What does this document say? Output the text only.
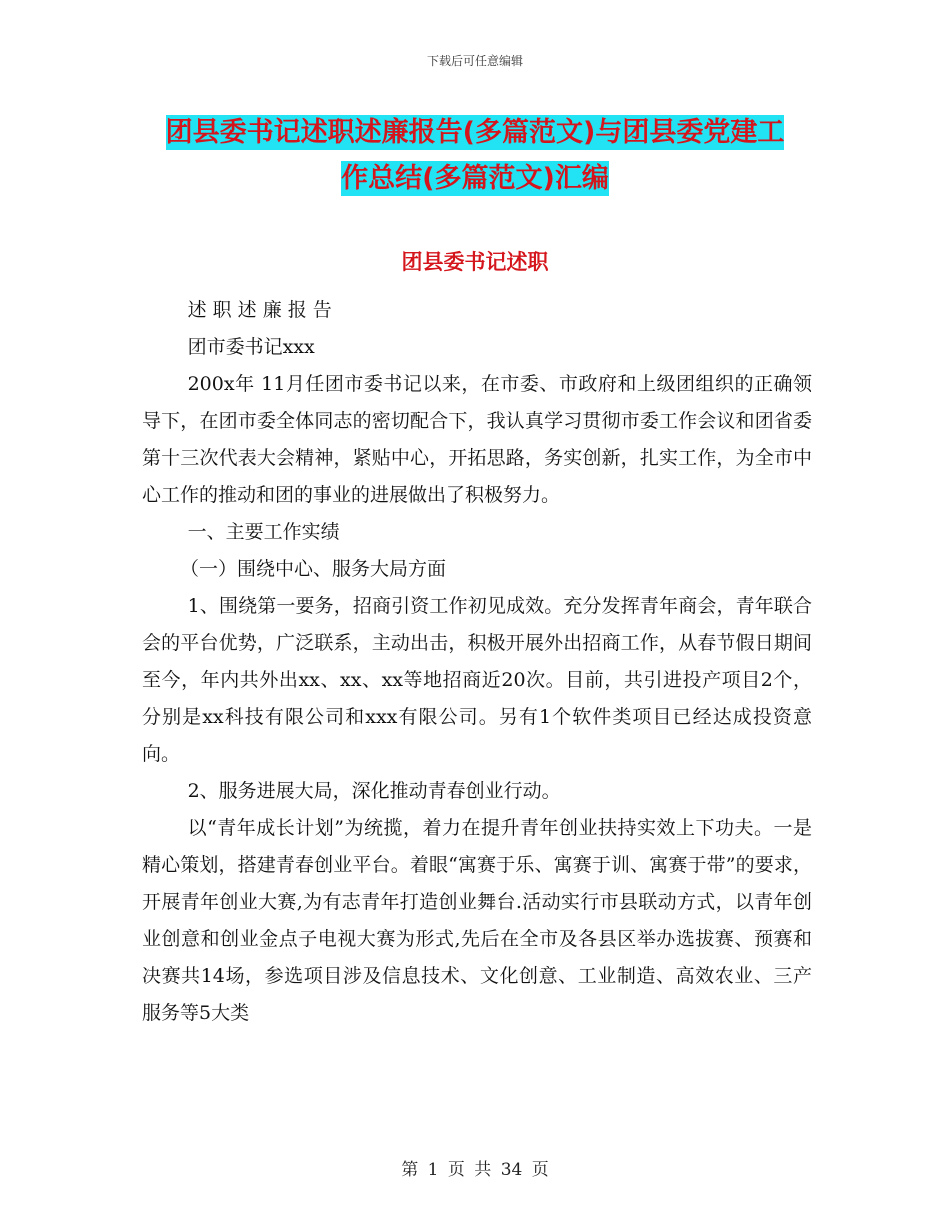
下载后可任意编辑
团县委书记述职述廉报告(多篇范文)与团县委党建工
作总结(多篇范文)汇编
团县委书记述职

述 职 述 廉 报 告

团市委书记xxx

200x年 11月任团市委书记以来，在市委、市政府和上级团组织的正确领导下，在团市委全体同志的密切配合下，我认真学习贯彻市委工作会议和团省委第十三次代表大会精神，紧贴中心，开拓思路，务实创新，扎实工作，为全市中心工作的推动和团的事业的进展做出了积极努力。

一、主要工作实绩

（一）围绕中心、服务大局方面

1、围绕第一要务，招商引资工作初见成效。充分发挥青年商会，青年联合会的平台优势，广泛联系，主动出击，积极开展外出招商工作，从春节假日期间至今，年内共外出xx、xx、xx等地招商近20次。目前，共引进投产项目2个，分别是xx科技有限公司和xxx有限公司。另有1个软件类项目已经达成投资意向。

2、服务进展大局，深化推动青春创业行动。

以“青年成长计划”为统揽，着力在提升青年创业扶持实效上下功夫。一是精心策划，搭建青春创业平台。着眼“寓赛于乐、寓赛于训、寓赛于带”的要求，开展青年创业大赛,为有志青年打造创业舞台.活动实行市县联动方式，以青年创业创意和创业金点子电视大赛为形式,先后在全市及各县区举办选拔赛、预赛和决赛共14场，参选项目涉及信息技术、文化创意、工业制造、高效农业、三产服务等5大类

第 1 页 共 34 页
